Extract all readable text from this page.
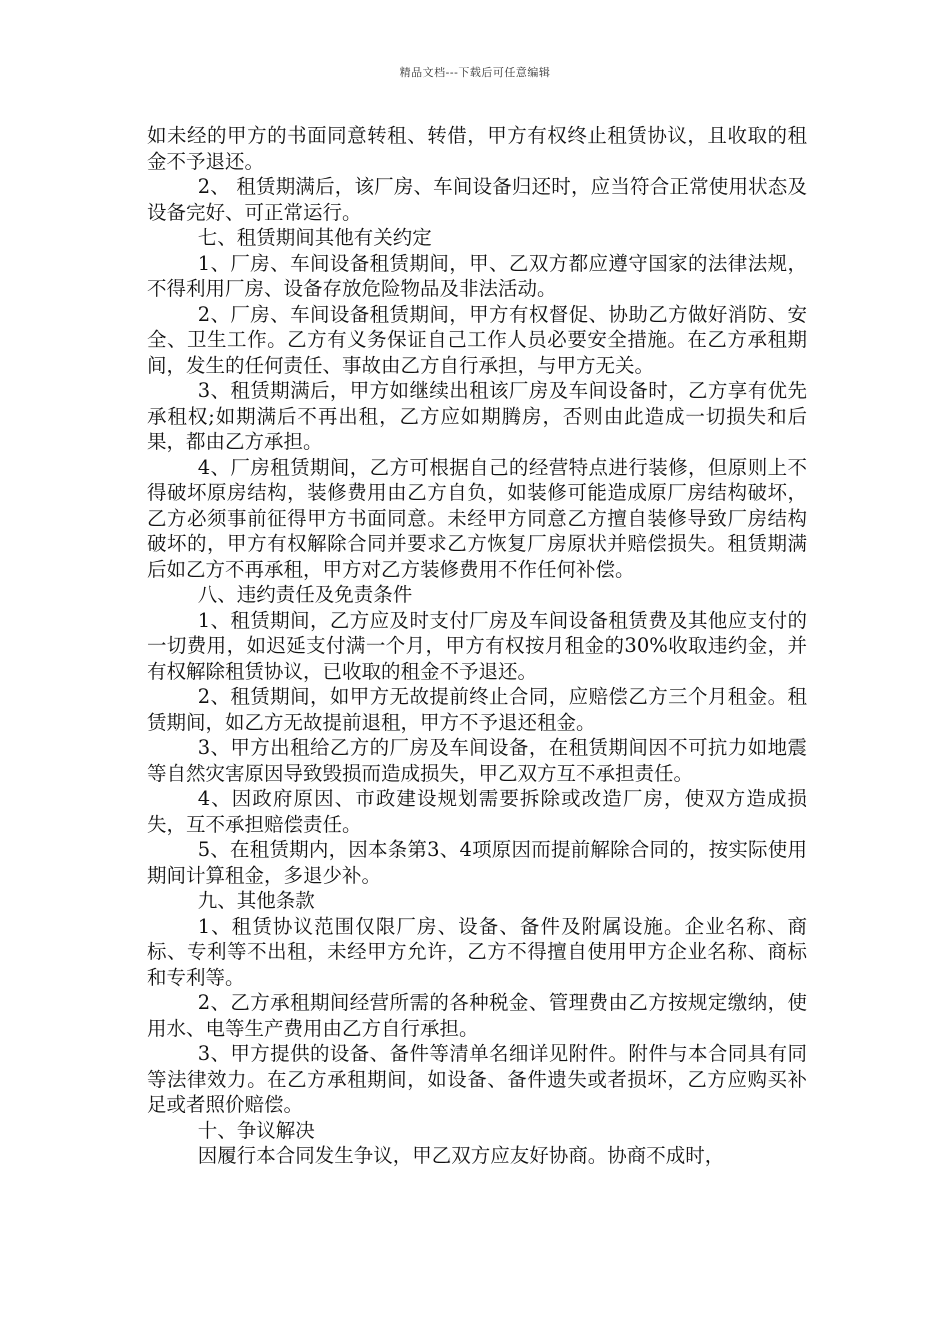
精品文档---下载后可任意编辑

如未经的甲方的书面同意转租、转借，甲方有权终止租赁协议，且收取的租金不予退还。

2、 租赁期满后，该厂房、车间设备归还时，应当符合正常使用状态及设备完好、可正常运行。

七、租赁期间其他有关约定

1、厂房、车间设备租赁期间，甲、乙双方都应遵守国家的法律法规，不得利用厂房、设备存放危险物品及非法活动。

2、厂房、车间设备租赁期间，甲方有权督促、协助乙方做好消防、安全、卫生工作。乙方有义务保证自己工作人员必要安全措施。在乙方承租期间，发生的任何责任、事故由乙方自行承担，与甲方无关。

3、租赁期满后，甲方如继续出租该厂房及车间设备时，乙方享有优先承租权;如期满后不再出租，乙方应如期腾房，否则由此造成一切损失和后果，都由乙方承担。

4、厂房租赁期间，乙方可根据自己的经营特点进行装修，但原则上不得破坏原房结构，装修费用由乙方自负，如装修可能造成原厂房结构破坏，乙方必须事前征得甲方书面同意。未经甲方同意乙方擅自装修导致厂房结构破坏的，甲方有权解除合同并要求乙方恢复厂房原状并赔偿损失。租赁期满后如乙方不再承租，甲方对乙方装修费用不作任何补偿。

八、违约责任及免责条件

1、租赁期间，乙方应及时支付厂房及车间设备租赁费及其他应支付的一切费用，如迟延支付满一个月，甲方有权按月租金的30%收取违约金，并有权解除租赁协议，已收取的租金不予退还。

2、租赁期间，如甲方无故提前终止合同，应赔偿乙方三个月租金。租赁期间，如乙方无故提前退租，甲方不予退还租金。

3、甲方出租给乙方的厂房及车间设备，在租赁期间因不可抗力如地震等自然灾害原因导致毁损而造成损失，甲乙双方互不承担责任。

4、因政府原因、市政建设规划需要拆除或改造厂房，使双方造成损失，互不承担赔偿责任。

5、在租赁期内，因本条第3、4项原因而提前解除合同的，按实际使用期间计算租金，多退少补。

九、其他条款

1、租赁协议范围仅限厂房、设备、备件及附属设施。企业名称、商标、专利等不出租，未经甲方允许，乙方不得擅自使用甲方企业名称、商标和专利等。

2、乙方承租期间经营所需的各种税金、管理费由乙方按规定缴纳，使用水、电等生产费用由乙方自行承担。

3、甲方提供的设备、备件等清单名细详见附件。附件与本合同具有同等法律效力。在乙方承租期间，如设备、备件遗失或者损坏，乙方应购买补足或者照价赔偿。

十、争议解决

因履行本合同发生争议，甲乙双方应友好协商。协商不成时，
